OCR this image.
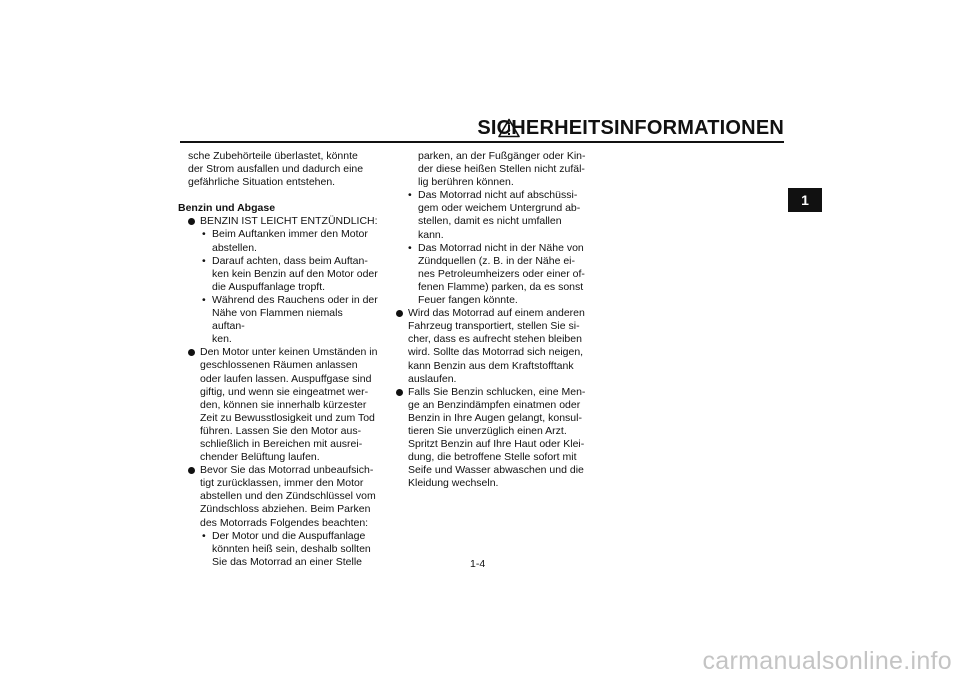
SICHERHEITSINFORMATIONEN
1
sche Zubehörteile überlastet, könnte
der Strom ausfallen und dadurch eine
gefährliche Situation entstehen.
Benzin und Abgase
BENZIN IST LEICHT ENTZÜNDLICH:
• Beim Auftanken immer den Motor
abstellen.
• Darauf achten, dass beim Auftan-
ken kein Benzin auf den Motor oder
die Auspuffanlage tropft.
• Während des Rauchens oder in der
Nähe von Flammen niemals auftan-
ken.
Den Motor unter keinen Umständen in
geschlossenen Räumen anlassen
oder laufen lassen. Auspuffgase sind
giftig, und wenn sie eingeatmet wer-
den, können sie innerhalb kürzester
Zeit zu Bewusstlosigkeit und zum Tod
führen. Lassen Sie den Motor aus-
schließlich in Bereichen mit ausrei-
chender Belüftung laufen.
Bevor Sie das Motorrad unbeaufsich-
tigt zurücklassen, immer den Motor
abstellen und den Zündschlüssel vom
Zündschloss abziehen. Beim Parken
des Motorrads Folgendes beachten:
• Der Motor und die Auspuffanlage
könnten heiß sein, deshalb sollten
Sie das Motorrad an einer Stelle
parken, an der Fußgänger oder Kin-
der diese heißen Stellen nicht zufäl-
lig berühren können.
• Das Motorrad nicht auf abschüssi-
gem oder weichem Untergrund ab-
stellen, damit es nicht umfallen
kann.
• Das Motorrad nicht in der Nähe von
Zündquellen (z. B. in der Nähe ei-
nes Petroleumheizers oder einer of-
fenen Flamme) parken, da es sonst
Feuer fangen könnte.
Wird das Motorrad auf einem anderen
Fahrzeug transportiert, stellen Sie si-
cher, dass es aufrecht stehen bleiben
wird. Sollte das Motorrad sich neigen,
kann Benzin aus dem Kraftstofftank
auslaufen.
Falls Sie Benzin schlucken, eine Men-
ge an Benzindämpfen einatmen oder
Benzin in Ihre Augen gelangt, konsul-
tieren Sie unverzüglich einen Arzt.
Spritzt Benzin auf Ihre Haut oder Klei-
dung, die betroffene Stelle sofort mit
Seife und Wasser abwaschen und die
Kleidung wechseln.
1-4
carmanualsonline.info
